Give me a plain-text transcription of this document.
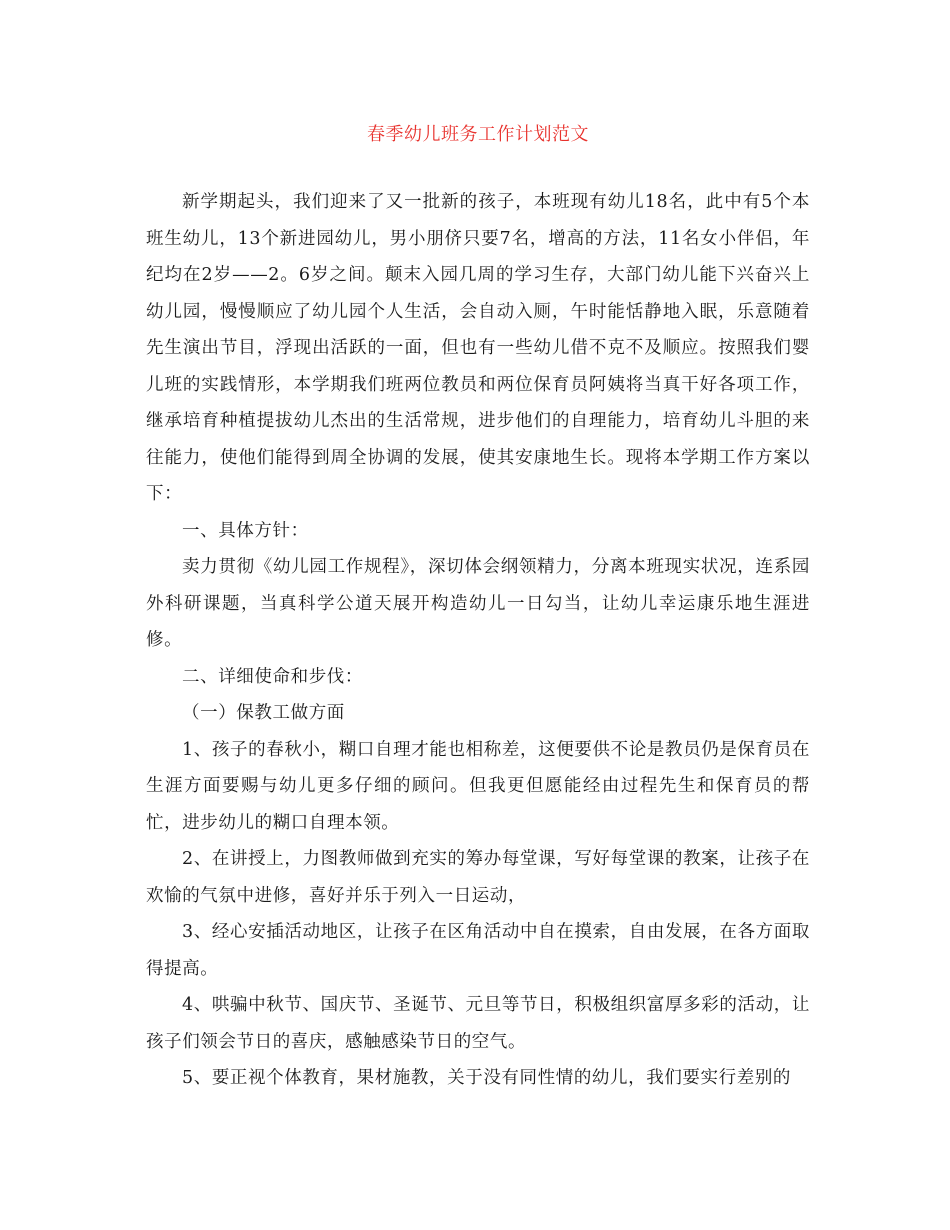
春季幼儿班务工作计划范文

新学期起头，我们迎来了又一批新的孩子，本班现有幼儿18名，此中有5个本班生幼儿，13个新进园幼儿，男小朋侪只要7名，增高的方法，11名女小伴侣，年纪均在2岁——2。6岁之间。颠末入园几周的学习生存，大部门幼儿能下兴奋兴上幼儿园，慢慢顺应了幼儿园个人生活，会自动入厕，午时能恬静地入眠，乐意随着先生演出节目，浮现出活跃的一面，但也有一些幼儿借不克不及顺应。按照我们婴儿班的实践情形，本学期我们班两位教员和两位保育员阿姨将当真干好各项工作，继承培育种植提拔幼儿杰出的生活常规，进步他们的自理能力，培育幼儿斗胆的来往能力，使他们能得到周全协调的发展，使其安康地生长。现将本学期工作方案以下：

一、具体方针：

卖力贯彻《幼儿园工作规程》，深切体会纲领精力，分离本班现实状况，连系园外科研课题，当真科学公道天展开构造幼儿一日勾当，让幼儿幸运康乐地生涯进修。

二、详细使命和步伐：

（一）保教工做方面

1、孩子的春秋小，糊口自理才能也相称差，这便要供不论是教员仍是保育员在生涯方面要赐与幼儿更多仔细的顾问。但我更但愿能经由过程先生和保育员的帮忙，进步幼儿的糊口自理本领。

2、在讲授上，力图教师做到充实的筹办每堂课，写好每堂课的教案，让孩子在欢愉的气氛中进修，喜好并乐于列入一日运动，

3、经心安插活动地区，让孩子在区角活动中自在摸索，自由发展，在各方面取得提高。

4、哄骗中秋节、国庆节、圣诞节、元旦等节日，积极组织富厚多彩的活动，让孩子们领会节日的喜庆，感触感染节日的空气。

5、要正视个体教育，果材施教，关于没有同性情的幼儿，我们要实行差别的
